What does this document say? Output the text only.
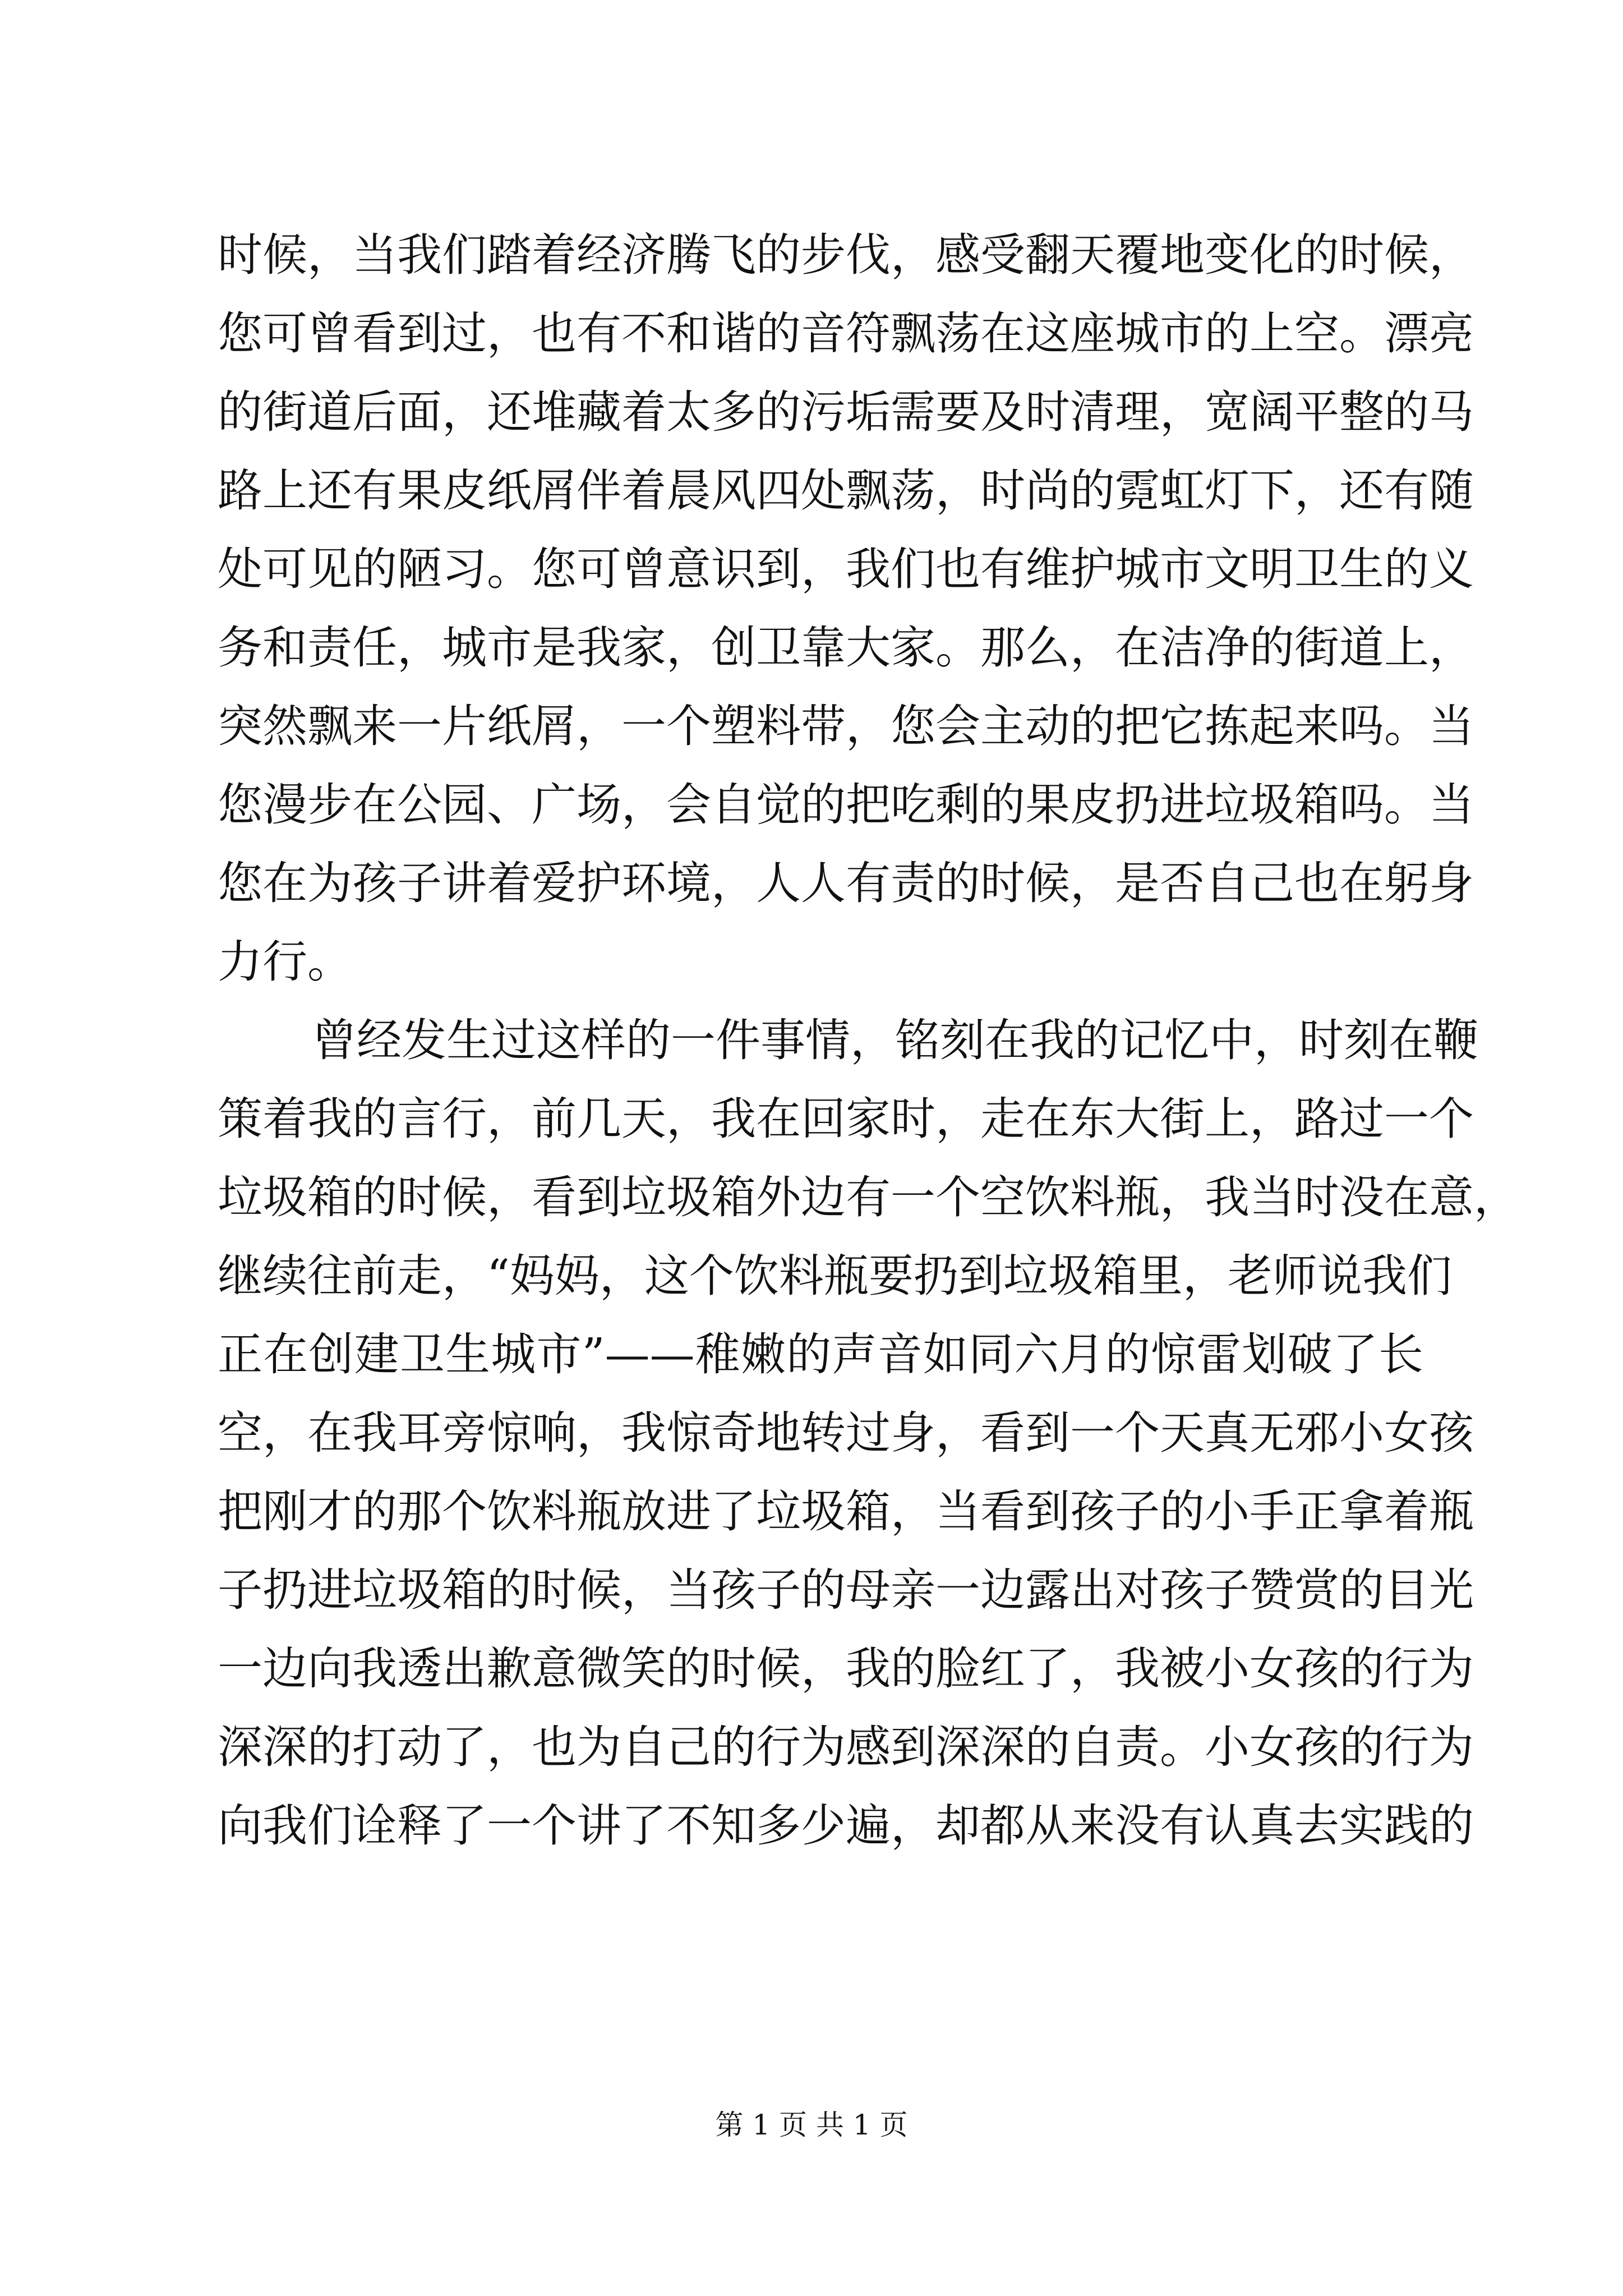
时候，当我们踏着经济腾飞的步伐，感受翻天覆地变化的时候，
您可曾看到过，也有不和谐的音符飘荡在这座城市的上空。漂亮
的街道后面，还堆藏着太多的污垢需要及时清理，宽阔平整的马
路上还有果皮纸屑伴着晨风四处飘荡，时尚的霓虹灯下，还有随
处可见的陋习。您可曾意识到，我们也有维护城市文明卫生的义
务和责任，城市是我家，创卫靠大家。那么，在洁净的街道上，
突然飘来一片纸屑，一个塑料带，您会主动的把它拣起来吗。当
您漫步在公园、广场，会自觉的把吃剩的果皮扔进垃圾箱吗。当
您在为孩子讲着爱护环境，人人有责的时候，是否自己也在躬身
力行。
曾经发生过这样的一件事情，铭刻在我的记忆中，时刻在鞭
策着我的言行，前几天，我在回家时，走在东大街上，路过一个
垃圾箱的时候，看到垃圾箱外边有一个空饮料瓶，我当时没在意，
继续往前走，“妈妈，这个饮料瓶要扔到垃圾箱里，老师说我们
正在创建卫生城市”——稚嫩的声音如同六月的惊雷划破了长
空，在我耳旁惊响，我惊奇地转过身，看到一个天真无邪小女孩
把刚才的那个饮料瓶放进了垃圾箱，当看到孩子的小手正拿着瓶
子扔进垃圾箱的时候，当孩子的母亲一边露出对孩子赞赏的目光
一边向我透出歉意微笑的时候，我的脸红了，我被小女孩的行为
深深的打动了，也为自己的行为感到深深的自责。小女孩的行为
向我们诠释了一个讲了不知多少遍，却都从来没有认真去实践的
第 1 页 共 1 页
